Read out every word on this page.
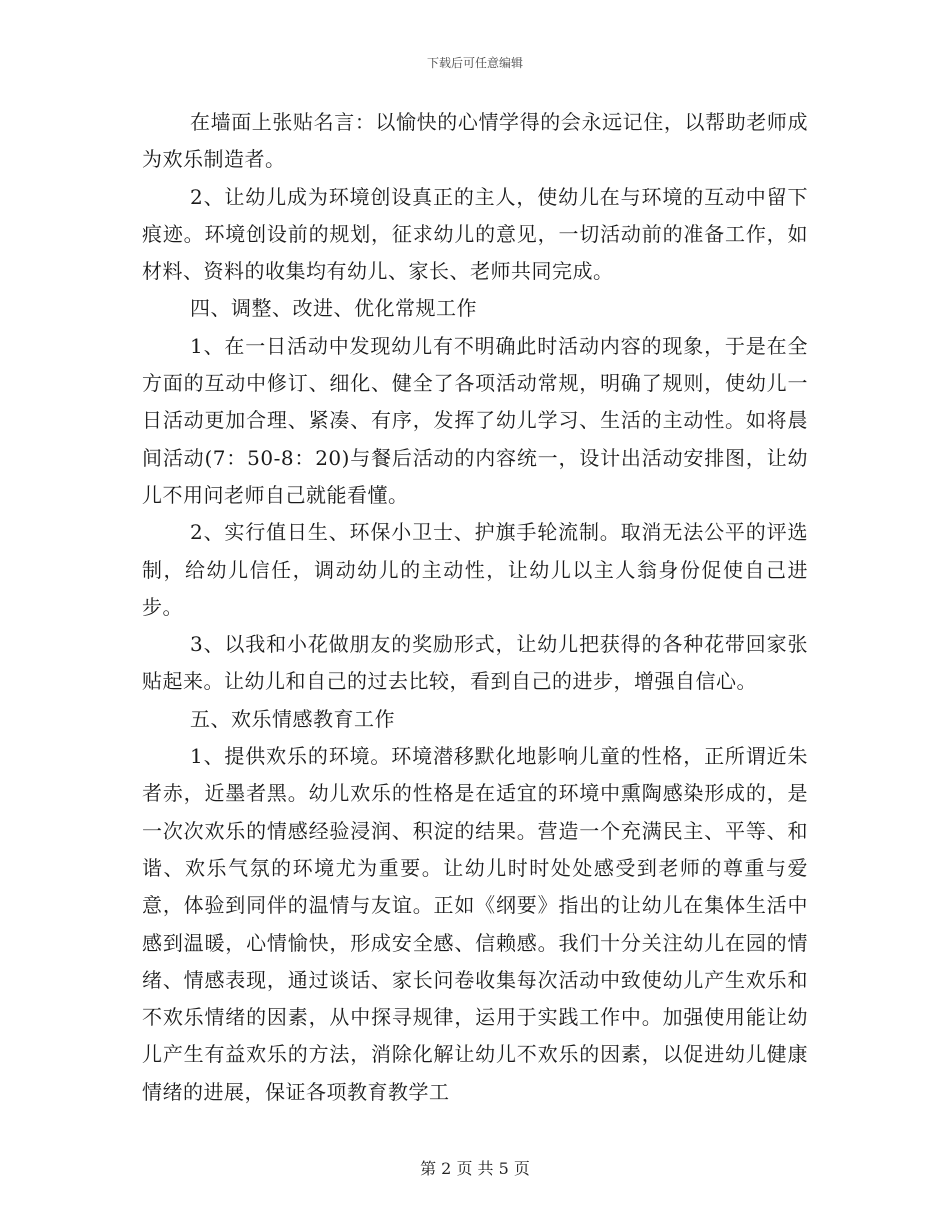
下载后可任意编辑

在墙面上张贴名言：以愉快的心情学得的会永远记住，以帮助老师成为欢乐制造者。

2、让幼儿成为环境创设真正的主人，使幼儿在与环境的互动中留下痕迹。环境创设前的规划，征求幼儿的意见，一切活动前的准备工作，如材料、资料的收集均有幼儿、家长、老师共同完成。

四、调整、改进、优化常规工作

1、在一日活动中发现幼儿有不明确此时活动内容的现象，于是在全方面的互动中修订、细化、健全了各项活动常规，明确了规则，使幼儿一日活动更加合理、紧凑、有序，发挥了幼儿学习、生活的主动性。如将晨间活动(7：50-8：20)与餐后活动的内容统一，设计出活动安排图，让幼儿不用问老师自己就能看懂。

2、实行值日生、环保小卫士、护旗手轮流制。取消无法公平的评选制，给幼儿信任，调动幼儿的主动性，让幼儿以主人翁身份促使自己进步。

3、以我和小花做朋友的奖励形式，让幼儿把获得的各种花带回家张贴起来。让幼儿和自己的过去比较，看到自己的进步，增强自信心。

五、欢乐情感教育工作

1、提供欢乐的环境。环境潜移默化地影响儿童的性格，正所谓近朱者赤，近墨者黑。幼儿欢乐的性格是在适宜的环境中熏陶感染形成的，是一次次欢乐的情感经验浸润、积淀的结果。营造一个充满民主、平等、和谐、欢乐气氛的环境尤为重要。让幼儿时时处处感受到老师的尊重与爱意，体验到同伴的温情与友谊。正如《纲要》指出的让幼儿在集体生活中感到温暖，心情愉快，形成安全感、信赖感。我们十分关注幼儿在园的情绪、情感表现，通过谈话、家长问卷收集每次活动中致使幼儿产生欢乐和不欢乐情绪的因素，从中探寻规律，运用于实践工作中。加强使用能让幼儿产生有益欢乐的方法，消除化解让幼儿不欢乐的因素，以促进幼儿健康情绪的进展，保证各项教育教学工

第 2 页 共 5 页
